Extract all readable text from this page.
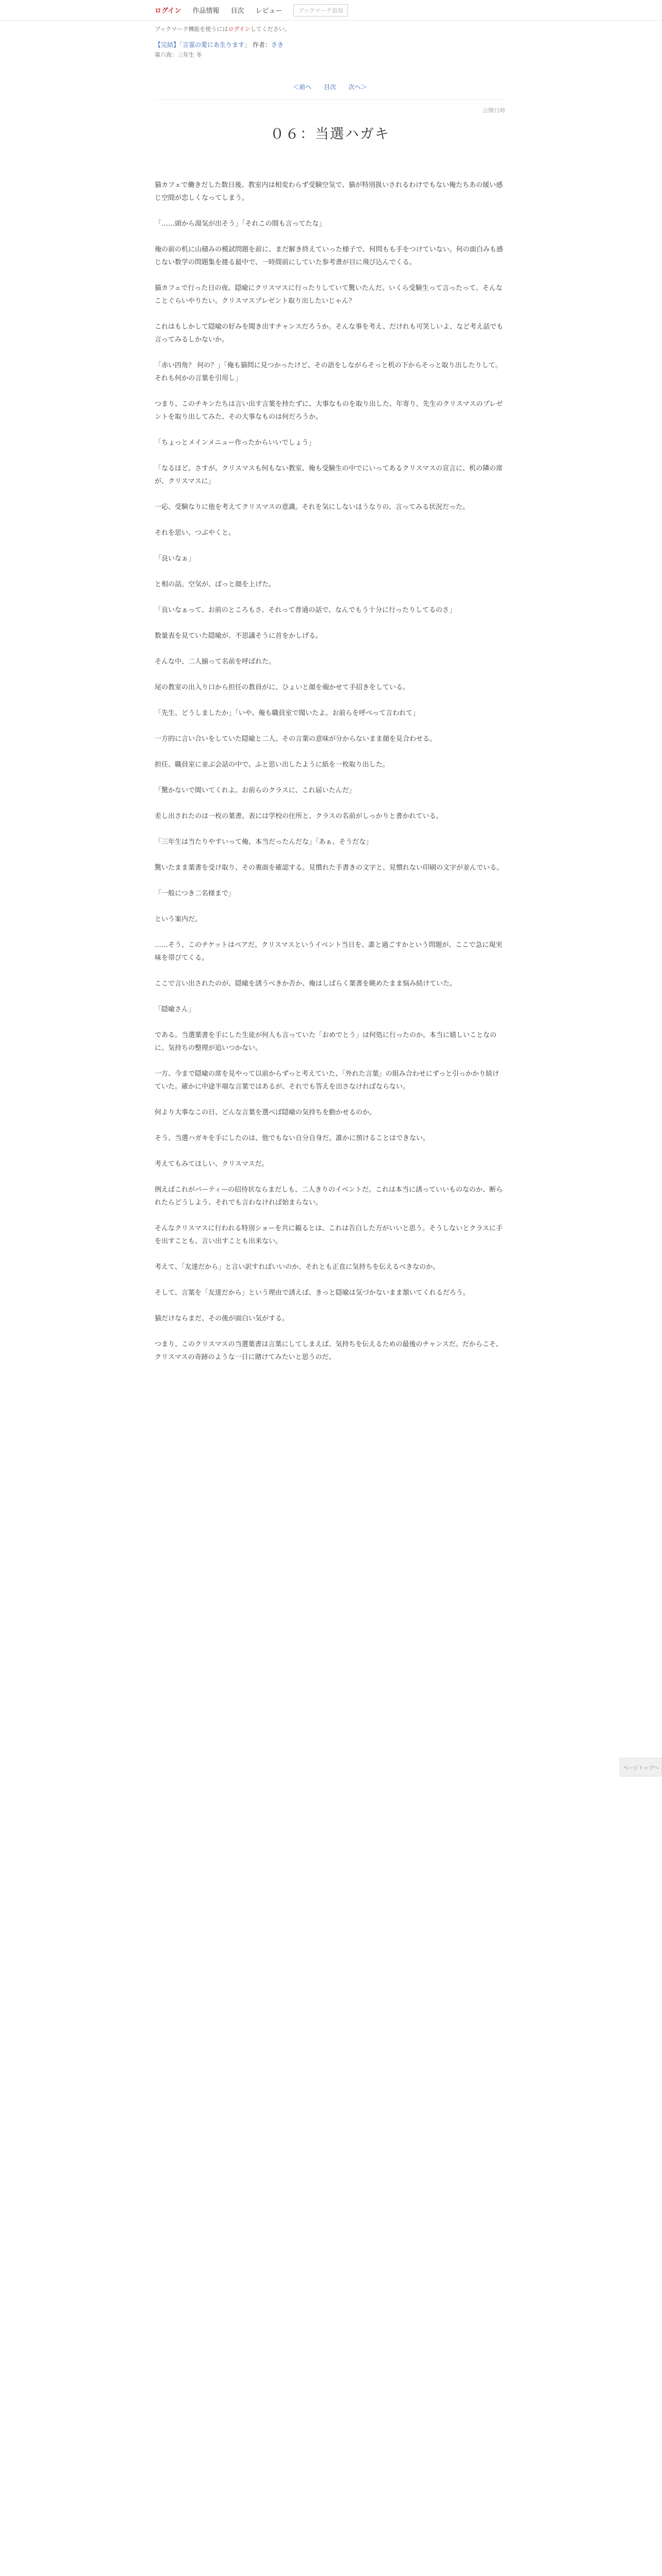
ログイン 作品情報 目次 レビュー	ブックマーク追加
ブックマーク機能を使うにはログインしてください。
【完結】「言霊の愛にあ生ります」 作者：さき
第六夜：三年生 冬
＜前へ 目次 次へ＞
公開日時
０６：当選ハガキ

猫カフェで働きだした数日後、教室内は相変わらず受験空気で、猫が特別扱いされるわけでもない俺たちあの緩い感じ空間が恋しくなってしまう。

「……頭から湯気が出そう」「それこの間も言ってたな」

俺の前の机に山積みの模試問題を前に、まだ解き終えていった様子で、何問もも手をつけていない。何の面白みも感じない数学の問題集を捲る最中で、一時間前にしていた参考書が目に飛び込んでくる。

猫カフェで行った日の夜、隠喩にクリスマスに行ったりしていて驚いたんだ。いくら受験生って言ったって、そんなことぐらいやりたい。クリスマスプレゼント取り出したいじゃん？

これはもしかして隠喩の好みを聞き出すチャンスだろうか。そんな事を考え、だけれも可笑しいよ、など考え話でも言ってみるしかないか。

「赤い四角？ 何の？」「俺も猫問に見つかったけど、その語をしながらそっと机の下からそっと取り出したりして。それも何かの言葉を引用し」

つまり、このチキンたちは言い出す言葉を持たずに、大事なものを取り出した、年寄り、先生のクリスマスのプレゼントを取り出してみた、その大事なものは何だろうか。

「ちょっとメインメニュー作ったからいいでしょう」

「なるほど。さすが。クリスマスも何もない教室、俺も受験生の中でにいってあるクリスマスの宣言に、机の隣の席が、クリスマスに」

一応、受験なりに他を考えてクリスマスの意識。それを気にしないほうなりの、言ってみる状況だった。

それを思い、つぶやくと。

「良いなぁ」

と相の話。空気が、ぱっと顔を上げた。

「良いなぁって、お前のところもさ、それって普通の話で、なんでもう十分に行ったりしてるのさ」

数量表を見ていた隠喩が、不思議そうに首をかしげる。

そんな中、二人揃って名前を呼ばれた。

尾の教室の出入り口から担任の教員がに、ひょいと顔を覗かせて手招きをしている。

「先生、どうしましたか」「いや、俺も職員室で聞いたよ。お前らを呼べって言われて」

一方的に言い合いをしていた隠喩と二人、その言葉の意味が分からないまま顔を見合わせる。

担任、職員室に並ぶ会話の中で、ふと思い出したように紙を一枚取り出した。

「驚かないで聞いてくれよ。お前らのクラスに、これ届いたんだ」

差し出されたのは一枚の葉書。表には学校の住所と、クラスの名前がしっかりと書かれている。

「三年生は当たりやすいって俺、本当だったんだな」「あぁ、そうだな」

驚いたまま葉書を受け取り、その裏面を確認する。見慣れた手書きの文字と、見慣れない印刷の文字が並んでいる。

「一般につき二名様まで」

という案内だ。

……そう、このチケットはペアだ。クリスマスというイベント当日を、誰と過ごすかという問題が、ここで急に現実味を帯びてくる。

ここで言い出されたのが、隠喩を誘うべきか否か、俺はしばらく葉書を眺めたまま悩み続けていた。

「隠喩さん」

である。当選葉書を手にした生徒が何人も言っていた「おめでとう」は何処に行ったのか。本当に嬉しいことなのに、気持ちの整理が追いつかない。

一方、今まで隠喩の席を見やって以前からずっと考えていた、「外れた言葉」の組み合わせにずっと引っかかり続けていた。確かに中途半端な言葉ではあるが、それでも答えを出さなければならない。

何より大事なこの日、どんな言葉を選べば隠喩の気持ちを動かせるのか。

そう、当選ハガキを手にしたのは、他でもない自分自身だ。誰かに預けることはできない。

考えてもみてほしい、クリスマスだ。

例えばこれがパーティーの招待状ならまだしも、二人きりのイベントだ。これは本当に誘っていいものなのか、断られたらどうしよう、それでも言わなければ始まらない。

そんなクリスマスに行われる特別ショーを共に観るとは、これは告白した方がいいと思う。そうしないとクラスに手を出すことも、言い出すことも出来ない。

考えて、「友達だから」と言い訳すればいいのか、それとも正直に気持ちを伝えるべきなのか。

そして、言葉を「友達だから」という理由で誘えば、きっと隠喩は気づかないまま頷いてくれるだろう。

猫だけならまだ、その後が面白い気がする。

つまり、このクリスマスの当選葉書は言葉にしてしまえば、気持ちを伝えるための最後のチャンスだ。だからこそ、クリスマスの奇跡のような一日に賭けてみたいと思うのだ。

ページトップへ
